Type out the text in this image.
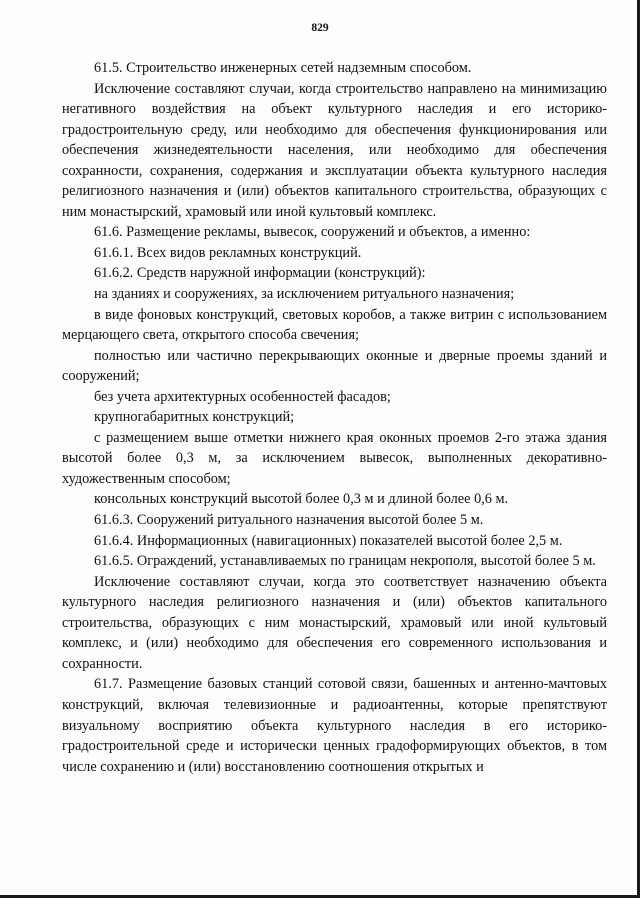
829

61.5. Строительство инженерных сетей надземным способом.

Исключение составляют случаи, когда строительство направлено на минимизацию негативного воздействия на объект культурного наследия и его историко-градостроительную среду, или необходимо для обеспечения функционирования или обеспечения жизнедеятельности населения, или необходимо для обеспечения сохранности, сохранения, содержания и эксплуатации объекта культурного наследия религиозного назначения и (или) объектов капитального строительства, образующих с ним монастырский, храмовый или иной культовый комплекс.

61.6. Размещение рекламы, вывесок, сооружений и объектов, а именно:

61.6.1. Всех видов рекламных конструкций.

61.6.2. Средств наружной информации (конструкций):

на зданиях и сооружениях, за исключением ритуального назначения;

в виде фоновых конструкций, световых коробов, а также витрин с использованием мерцающего света, открытого способа свечения;

полностью или частично перекрывающих оконные и дверные проемы зданий и сооружений;

без учета архитектурных особенностей фасадов;

крупногабаритных конструкций;

с размещением выше отметки нижнего края оконных проемов 2-го этажа здания высотой более 0,3 м, за исключением вывесок, выполненных декоративно-художественным способом;

консольных конструкций высотой более 0,3 м и длиной более 0,6 м.

61.6.3. Сооружений ритуального назначения высотой более 5 м.

61.6.4. Информационных (навигационных) показателей высотой более 2,5 м.

61.6.5. Ограждений, устанавливаемых по границам некрополя, высотой более 5 м.

Исключение составляют случаи, когда это соответствует назначению объекта культурного наследия религиозного назначения и (или) объектов капитального строительства, образующих с ним монастырский, храмовый или иной культовый комплекс, и (или) необходимо для обеспечения его современного использования и сохранности.

61.7. Размещение базовых станций сотовой связи, башенных и антенно-мачтовых конструкций, включая телевизионные и радиоантенны, которые препятствуют визуальному восприятию объекта культурного наследия в его историко-градостроительной среде и исторически ценных градоформирующих объектов, в том числе сохранению и (или) восстановлению соотношения открытых и
